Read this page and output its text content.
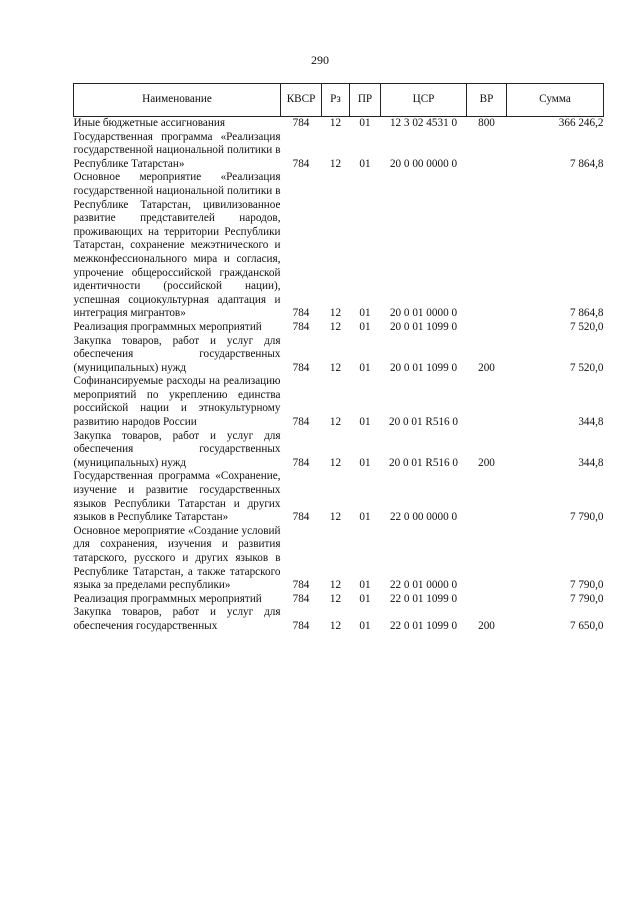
290
Наименование	КВСР	Рз	ПР	ЦСР	ВР	Сумма
Иные бюджетные ассигнования	784	12	01	12 3 02 4531 0	800	366 246,2
Государственная программа «Реализация государственной национальной политики в Республике Татарстан»	784	12	01	20 0 00 0000 0		7 864,8
Основное мероприятие «Реализация государственной национальной политики в Республике Татарстан, цивилизованное развитие представителей народов, проживающих на территории Республики Татарстан, сохранение межэтнического и межконфессионального мира и согласия, упрочение общероссийской гражданской идентичности (российской нации), успешная социокультурная адаптация и интеграция мигрантов»	784	12	01	20 0 01 0000 0		7 864,8
Реализация программных мероприятий	784	12	01	20 0 01 1099 0		7 520,0
Закупка товаров, работ и услуг для обеспечения государственных (муниципальных) нужд	784	12	01	20 0 01 1099 0	200	7 520,0
Софинансируемые расходы на реализацию мероприятий по укреплению единства российской нации и этнокультурному развитию народов России	784	12	01	20 0 01 R516 0		344,8
Закупка товаров, работ и услуг для обеспечения государственных (муниципальных) нужд	784	12	01	20 0 01 R516 0	200	344,8
Государственная программа «Сохранение, изучение и развитие государственных языков Республики Татарстан и других языков в Республике Татарстан»	784	12	01	22 0 00 0000 0		7 790,0
Основное мероприятие «Создание условий для сохранения, изучения и развития татарского, русского и других языков в Республике Татарстан, а также татарского языка за пределами республики»	784	12	01	22 0 01 0000 0		7 790,0
Реализация программных мероприятий	784	12	01	22 0 01 1099 0		7 790,0
Закупка товаров, работ и услуг для обеспечения государственных	784	12	01	22 0 01 1099 0	200	7 650,0
